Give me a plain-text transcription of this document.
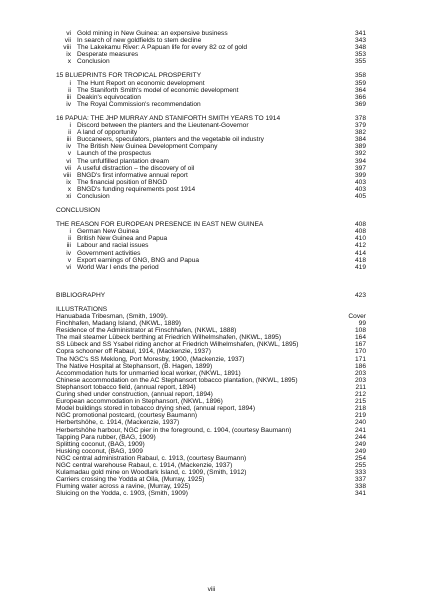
vi Gold mining in New Guinea: an expensive business	341
vii In search of new goldfields to stem decline	343
viii The Lakekamu River: A Papuan life for every 82 oz of gold	348
ix Desperate measures	353
x Conclusion	355
15 BLUEPRINTS FOR TROPICAL PROSPERITY	358
i The Hunt Report on economic development	359
ii The Staniforth Smith's model of economic development	364
iii Deakin's equivocation	366
iv The Royal Commission's recommendation	369
16 PAPUA: THE JHP MURRAY AND STANIFORTH SMITH YEARS TO 1914	378
i Discord between the planters and the Lieutenant-Governor	379
ii A land of opportunity	382
iii Buccaneers, speculators, planters and the vegetable oil industry	384
iv The British New Guinea Development Company	389
v Launch of the prospectus	392
vi The unfulfilled plantation dream	394
vii A useful distraction – the discovery of oil	397
viii BNGD's first informative annual report	399
ix The financial position of BNGD	403
x BNGD's funding requirements post 1914	403
xi Conclusion	405
CONCLUSION
THE REASON FOR EUROPEAN PRESENCE IN EAST NEW GUINEA	408
i German New Guinea	408
ii British New Guinea and Papua	410
iii Labour and racial issues	412
iv Government activities	414
v Export earnings of GNG, BNG and Papua	418
vi World War I ends the period	419
BIBLIOGRAPHY	423
ILLUSTRATIONS
Hanuabada Tribesman, (Smith, 1909).	Cover
Finchhafen, Madang Island, (NKWL, 1889)	99
Residence of the Administrator at Finschhafen, (NKWL, 1888)	108
The mail steamer Lübeck berthing at Friedrich Wilhelmshafen, (NKWL, 1895)	164
SS Lübeck and SS Ysabel riding anchor at Friedrich Wilhelmshafen, (NKWL, 1895)	167
Copra schooner off Rabaul, 1914, (Mackenzie, 1937)	170
The NGC's SS Meklong, Port Moresby, 1900, (Mackenzie, 1937)	171
The Native Hospital at Stephansort, (B. Hagen, 1899)	186
Accommodation huts for unmarried local worker, (NKWL, 1891)	203
Chinese accommodation on the AC Stephansort tobacco plantation, (NKWL, 1895)	203
Stephansort tobacco field, (annual report, 1894)	211
Curing shed under construction, (annual report, 1894)	212
European accommodation in Stephansort, (NKWL, 1896)	215
Model buildings stored in tobacco drying shed, (annual report, 1894)	218
NGC promotional postcard, (courtesy Baumann)	219
Herbertshöhe, c. 1914, (Mackenzie, 1937)	240
Herbertshöhe harbour, NGC pier in the foreground, c. 1904, (courtesy Baumann)	241
Tapping Para rubber, (BAG, 1909)	244
Splitting coconut, (BAG, 1909)	249
Husking coconut, (BAG, 1909	249
NGC central administration Rabaul, c. 1913, (courtesy Baumann)	254
NGC central warehouse Rabaul, c. 1914, (Mackenzie, 1937)	255
Kulamadau gold mine on Woodlark Island, c. 1909, (Smith, 1912)	333
Carriers crossing the Yodda at Oila, (Murray, 1925)	337
Fluming water across a ravine, (Murray, 1925)	338
Sluicing on the Yodda, c. 1903, (Smith, 1909)	341
viii
